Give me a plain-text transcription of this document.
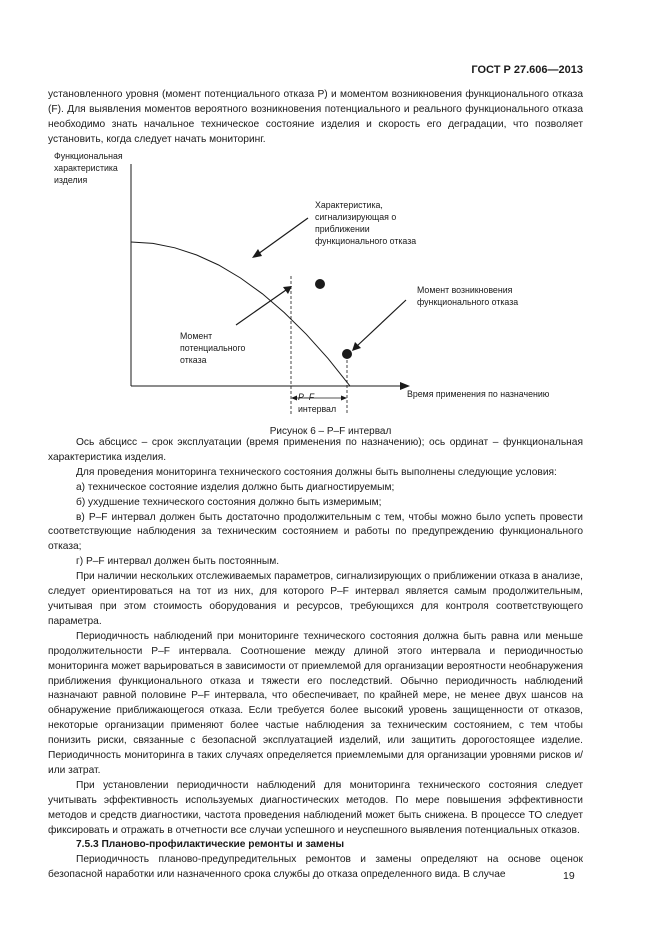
ГОСТ Р 27.606—2013
установленного уровня (момент потенциального отказа P) и моментом возникновения функционального отказа (F). Для выявления моментов вероятного возникновения потенциального и реального функционального отказа необходимо знать начальное техническое состояние изделия и скорость его деградации, что позволяет установить, когда следует начать мониторинг.
Функциональная
характеристика
изделия
Характеристика,
сигнализирующая о
приближении
функционального отказа
Момент возникновения
функционального отказа
Момент
потенциального
отказа
Время применения по назначению
P–F
интервал
Рисунок 6 – P–F интервал

Ось абсцисс – срок эксплуатации (время применения по назначению); ось ординат – функциональная характеристика изделия.

Для проведения мониторинга технического состояния должны быть выполнены следующие условия:

а) техническое состояние изделия должно быть диагностируемым;

б) ухудшение технического состояния должно быть измеримым;

в) P–F интервал должен быть достаточно продолжительным с тем, чтобы можно было успеть провести соответствующие наблюдения за техническим состоянием и работы по предупреждению функционального отказа;

г) P–F интервал должен быть постоянным.

При наличии нескольких отслеживаемых параметров, сигнализирующих о приближении отказа в анализе, следует ориентироваться на тот из них, для которого P–F интервал является самым продолжительным, учитывая при этом стоимость оборудования и ресурсов, требующихся для контроля соответствующего параметра.

Периодичность наблюдений при мониторинге технического состояния должна быть равна или меньше продолжительности P–F интервала. Соотношение между длиной этого интервала и периодичностью мониторинга может варьироваться в зависимости от приемлемой для организации вероятности необнаружения приближения функционального отказа и тяжести его последствий. Обычно периодичность наблюдений назначают равной половине P–F интервала, что обеспечивает, по крайней мере, не менее двух шансов на обнаружение приближающегося отказа. Если требуется более высокий уровень защищенности от отказов, некоторые организации применяют более частые наблюдения за техническим состоянием, с тем чтобы понизить риски, связанные с безопасной эксплуатацией изделий, или защитить дорогостоящее изделие. Периодичность мониторинга в таких случаях определяется приемлемыми для организации уровнями рисков и/или затрат.

При установлении периодичности наблюдений для мониторинга технического состояния следует учитывать эффективность используемых диагностических методов. По мере повышения эффективности методов и средств диагностики, частота проведения наблюдений может быть снижена. В процессе ТО следует фиксировать и отражать в отчетности все случаи успешного и неуспешного выявления потенциальных отказов.

7.5.3 Планово-профилактические ремонты и замены

Периодичность планово-предупредительных ремонтов и замены определяют на основе оценок безопасной наработки или назначенного срока службы до отказа определенного вида. В случае	19
